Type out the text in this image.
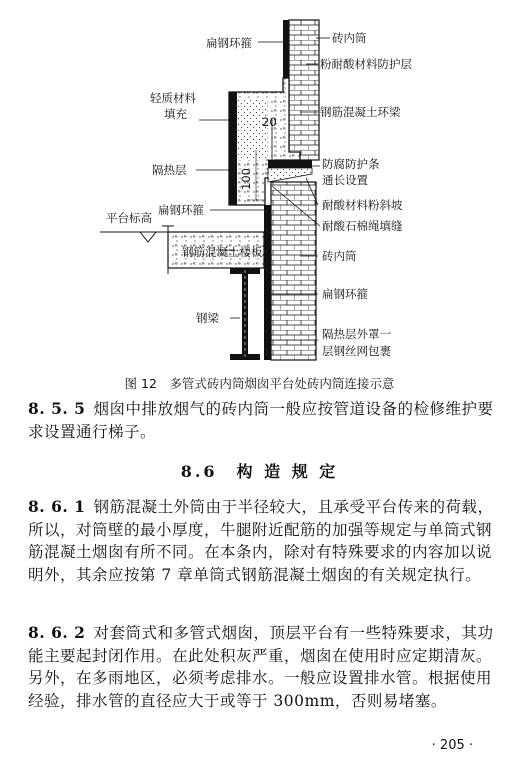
扁钢环箍	砖内筒
粉耐酸材料防护层
轻质材料
填充	钢筋混凝土环梁
20
隔热层	100
防腐防护条
通长设置
耐酸材料粉斜坡
平台标高
扁钢环箍
耐酸石棉绳填缝
钢筋混凝土楼板	砖内筒
扁钢环箍
钢梁
隔热层外罩一
层钢丝网包裹
图 12　多管式砖内筒烟囱平台处砖内筒连接示意
8. 5. 5 烟囱中排放烟气的砖内筒一般应按管道设备的检修维护要求设置通行梯子。
8.6　构 造 规 定
8. 6. 1 钢筋混凝土外筒由于半径较大，且承受平台传来的荷载，所以，对筒壁的最小厚度，牛腿附近配筋的加强等规定与单筒式钢筋混凝土烟囱有所不同。在本条内，除对有特殊要求的内容加以说明外，其余应按第 7 章单筒式钢筋混凝土烟囱的有关规定执行。
8. 6. 2 对套筒式和多管式烟囱，顶层平台有一些特殊要求，其功能主要起封闭作用。在此处积灰严重，烟囱在使用时应定期清灰。另外，在多雨地区，必须考虑排水。一般应设置排水管。根据使用经验，排水管的直径应大于或等于 300mm，否则易堵塞。
· 205 ·
